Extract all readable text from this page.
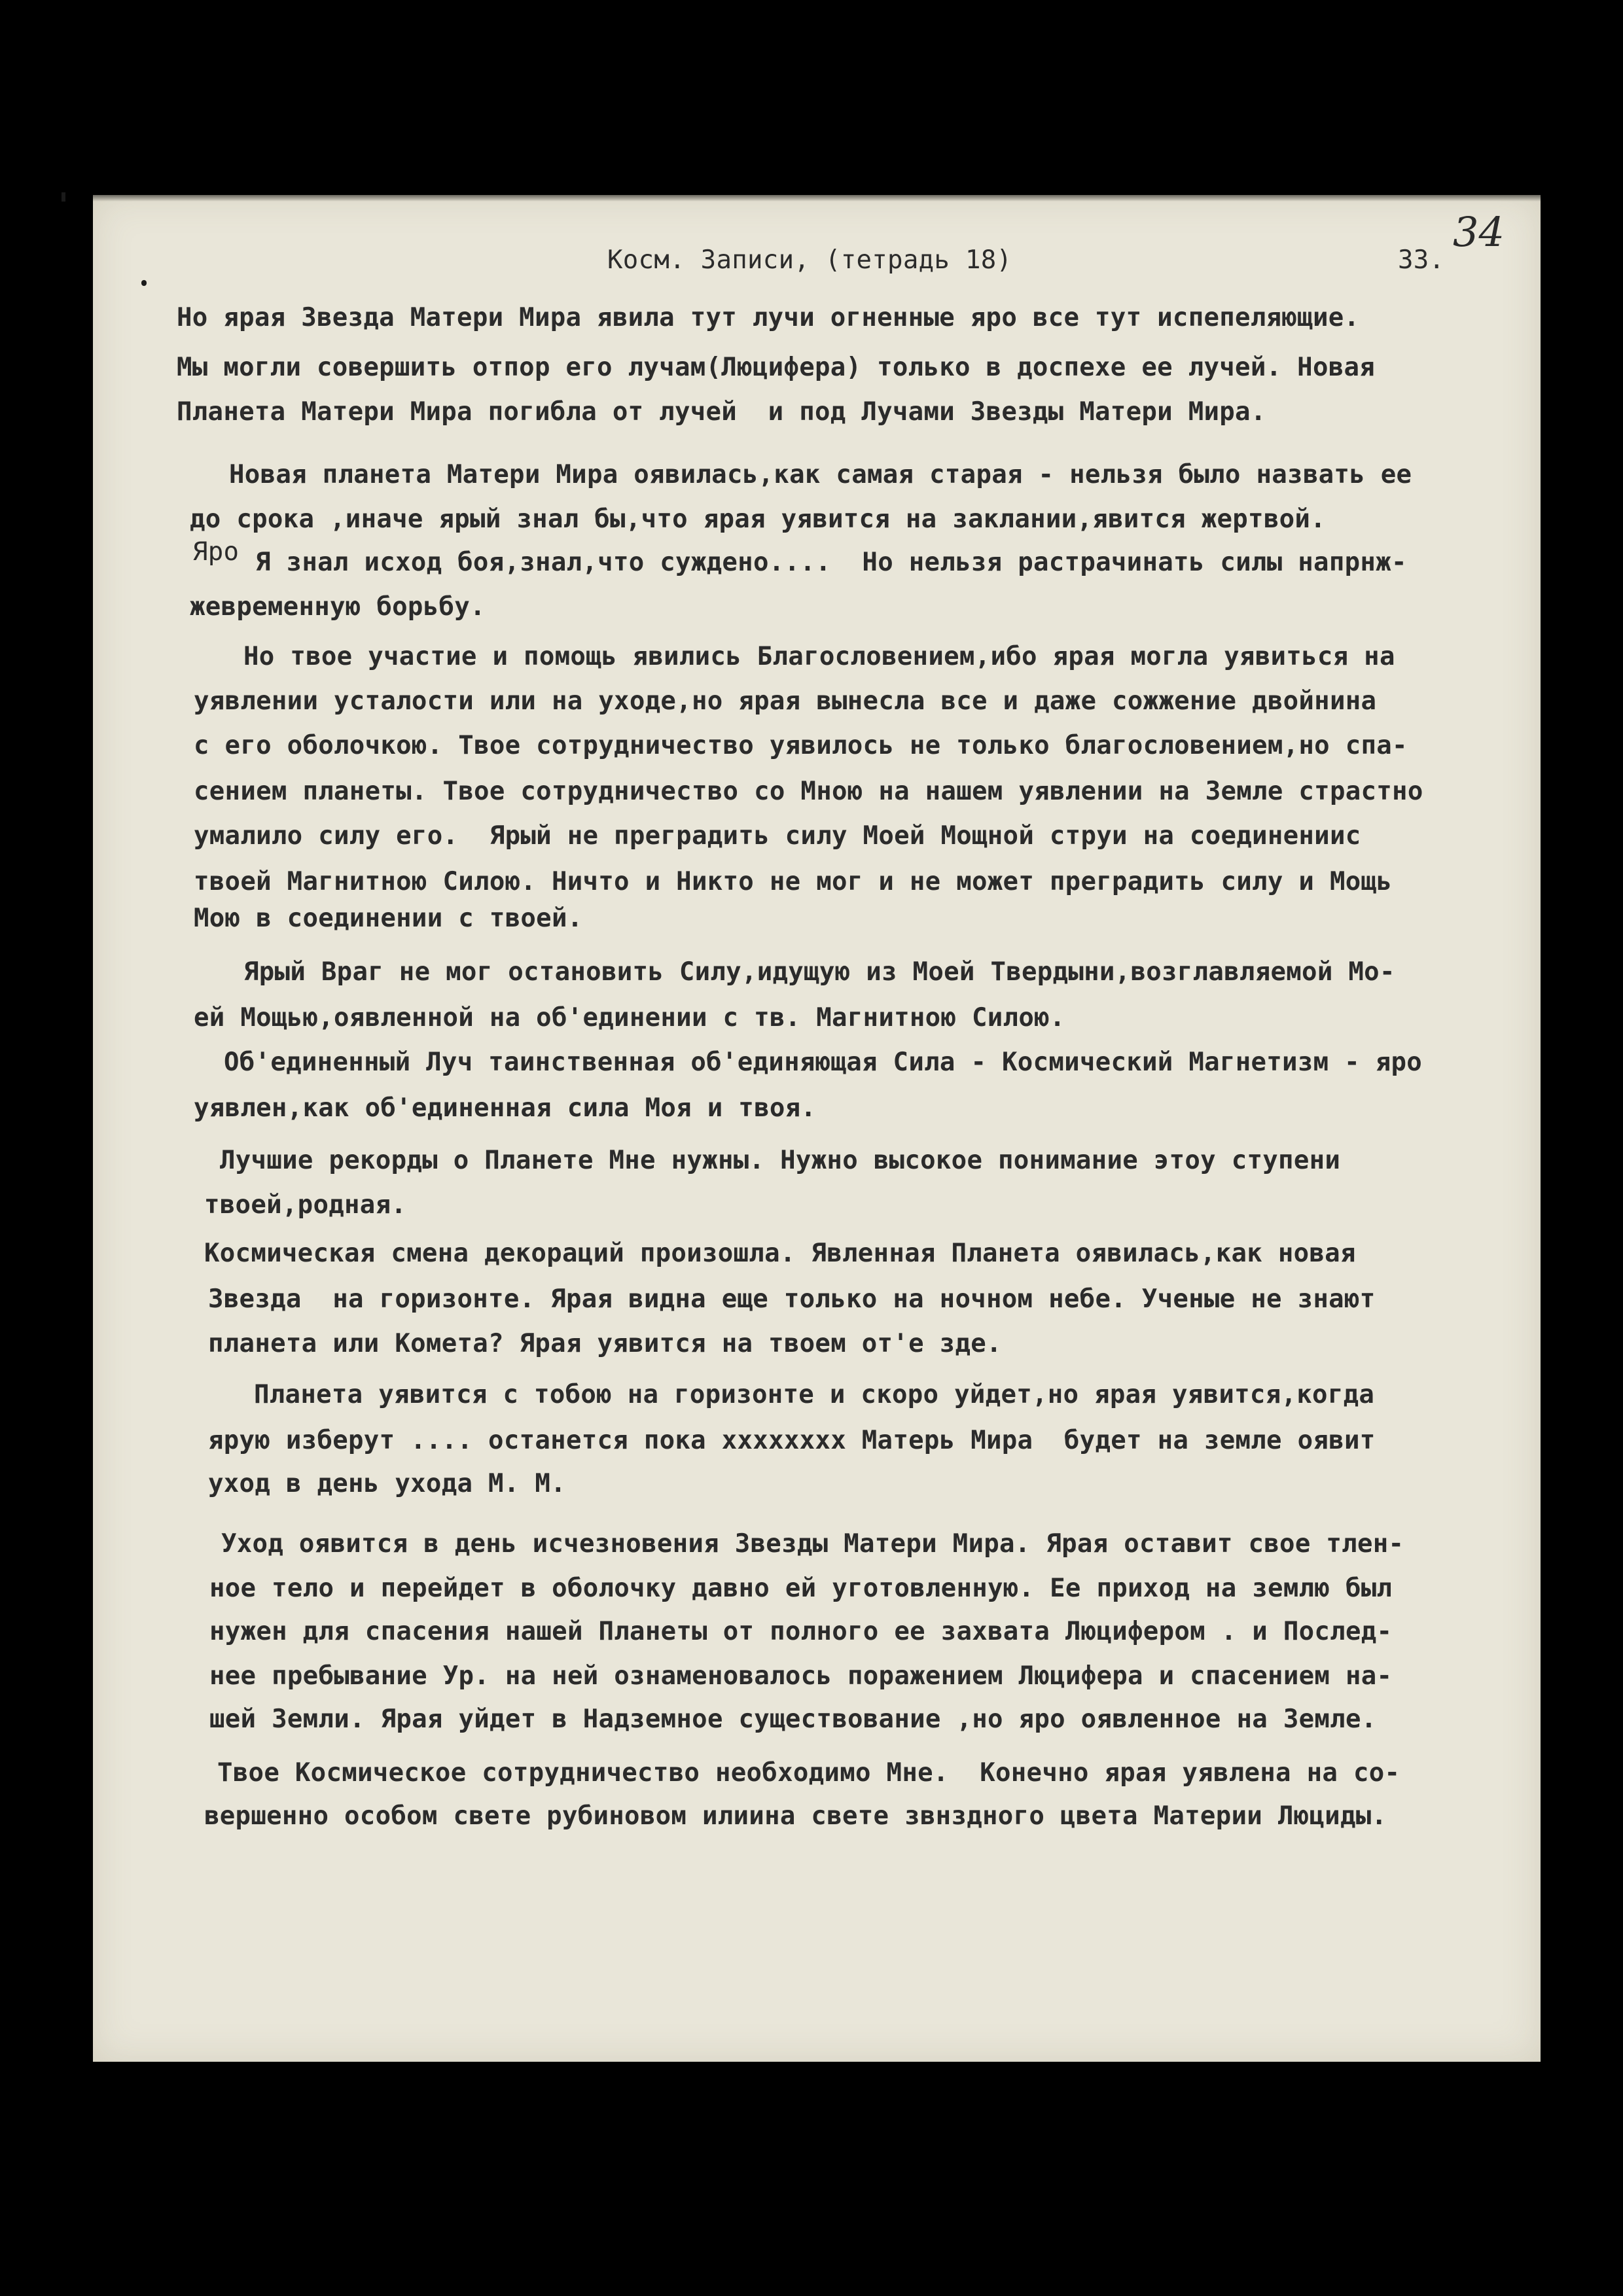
Косм. Записи, (тетрадь 18)	33.
34
Но ярая Звезда Матери Мира явила тут лучи огненные яро все тут испепеляющие.
Мы могли совершить отпор его лучам(Люцифера) только в доспехе ее лучей. Новая
Планета Матери Мира погибла от лучей  и под Лучами Звезды Матери Мира.
Новая планета Матери Мира оявилась,как самая старая - нельзя было назвать ее
до срока ,иначе ярый знал бы,что ярая уявится на заклании,явится жертвой.
Яро Я знал исход боя,знал,что суждено....  Но нельзя растрачинать силы напрнж-
жевременную борьбу.
Но твое участие и помощь явились Благословением,ибо ярая могла уявиться на
уявлении усталости или на уходе,но ярая вынесла все и даже сожжение двойнина
с его оболочкою. Твое сотрудничество уявилось не только благословением,но спа-
сением планеты. Твое сотрудничество со Мною на нашем уявлении на Земле страстно
умалило силу его.  Ярый не преградить силу Моей Мощной струи на соединениис
твоей Магнитною Силою. Ничто и Никто не мог и не может преградить силу и Мощь
Мою в соединении с твоей.
Ярый Враг не мог остановить Силу,идущую из Моей Твердыни,возглавляемой Мо-
ей Мощью,оявленной на об'единении с тв. Магнитною Силою.
Об'единенный Луч таинственная об'единяющая Сила - Космический Магнетизм - яро
уявлен,как об'единенная сила Моя и твоя.
Лучшие рекорды о Планете Мне нужны. Нужно высокое понимание этоу ступени
твоей,родная.
Космическая смена декораций произошла. Явленная Планета оявилась,как новая
Звезда  на горизонте. Ярая видна еще только на ночном небе. Ученые не знают
планета или Комета? Ярая уявится на твоем от'е зде.
Планета уявится с тобою на горизонте и скоро уйдет,но ярая уявится,когда
ярую изберут .... останется пока хххххххх Матерь Мира  будет на земле оявит
уход в день ухода М. М.
Уход оявится в день исчезновения Звезды Матери Мира. Ярая оставит свое тлен-
ное тело и перейдет в оболочку давно ей уготовленную. Ее приход на землю был
нужен для спасения нашей Планеты от полного ее захвата Люцифером . и Послед-
нее пребывание Ур. на ней ознаменовалось поражением Люцифера и спасением на-
шей Земли. Ярая уйдет в Надземное существование ,но яро оявленное на Земле.
Твое Космическое сотрудничество необходимо Мне.  Конечно ярая уявлена на со-
вершенно особом свете рубиновом илиина свете звнздного цвета Материи Люциды.
